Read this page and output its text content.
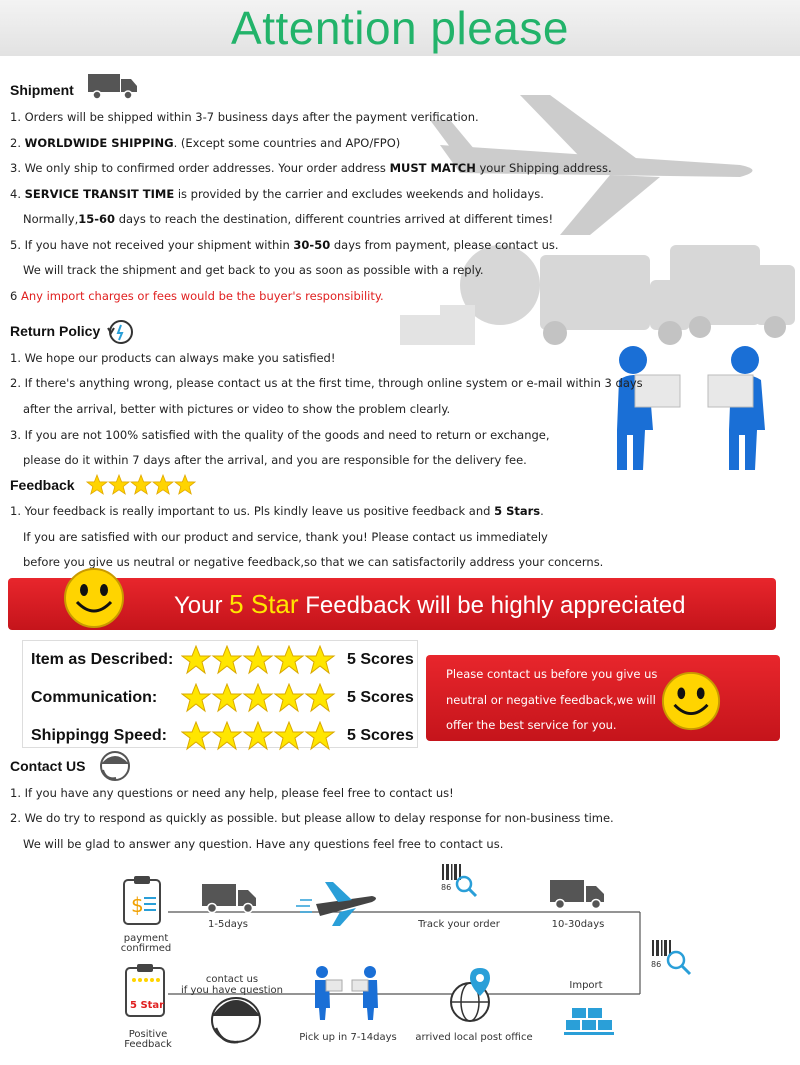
Attention please
Shipment
1. Orders will be shipped within 3-7 business days after the payment verification.
2. WORLDWIDE SHIPPING. (Except some countries and APO/FPO)
3. We only ship to confirmed order addresses. Your order address MUST MATCH your Shipping address.
4. SERVICE TRANSIT TIME is provided by the carrier and excludes weekends and holidays.
Normally,15-60 days to reach the destination, different countries arrived at different times!
5. If you have not received your shipment within 30-50 days from payment, please contact us.
We will track the shipment and get back to you as soon as possible with a reply.
6 Any import charges or fees would be the buyer's responsibility.
Return Policy
1. We hope our products can always make you satisfied!
2. If there's anything wrong, please contact us at the first time, through online system or e-mail within 3 days
after the arrival, better with pictures or video to show the problem clearly.
3. If you are not 100% satisfied with the quality of the goods and need to return or exchange,
please do it within 7 days after the arrival, and you are responsible for the delivery fee.
Feedback
1. Your feedback is really important to us. Pls kindly leave us positive feedback and 5 Stars.
If you are satisfied with our product and service, thank you! Please contact us immediately
before you give us neutral or negative feedback,so that we can satisfactorily address your concerns.
Your 5 Star Feedback will be highly appreciated
Item as Described:	5 Scores
Communication:	5 Scores
Shippingg Speed:	5 Scores
Please contact us before you give us
neutral or negative feedback,we will
offer the best service for you.
Contact US
1. If you have any questions or need any help, please feel free to contact us!
2. We do try to respond as quickly as possible. but please allow to delay response for non-business time.
We will be glad to answer any question. Have any questions feel free to contact us.
$
86
86
5 Star
payment
confirmed
1-5days	Track your order	10-30days
Import
contact us
if you have question
Pick up in 7-14days	arrived local post office
Positive
Feedback
